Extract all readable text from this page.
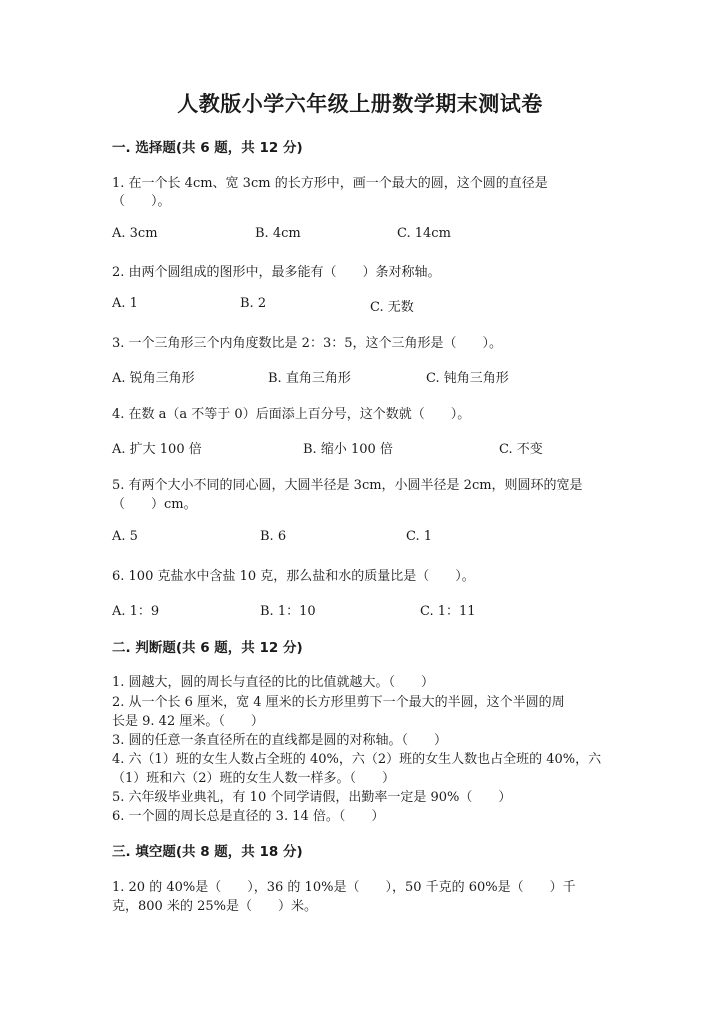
人教版小学六年级上册数学期末测试卷
一. 选择题(共 6 题，共 12 分)
1. 在一个长 4cm、宽 3cm 的长方形中，画一个最大的圆，这个圆的直径是
（　　）。
A. 3cm	B. 4cm	C. 14cm
2. 由两个圆组成的图形中，最多能有（　　）条对称轴。
A. 1	B. 2	C. 无数
3. 一个三角形三个内角度数比是 2：3：5，这个三角形是（　　）。
A. 锐角三角形	B. 直角三角形	C. 钝角三角形
4. 在数 a（a 不等于 0）后面添上百分号，这个数就（　　）。
A. 扩大 100 倍	B. 缩小 100 倍	C. 不变
5. 有两个大小不同的同心圆，大圆半径是 3cm，小圆半径是 2cm，则圆环的宽是
（　　）cm。
A. 5	B. 6	C. 1
6. 100 克盐水中含盐 10 克，那么盐和水的质量比是（　　）。
A. 1：9	B. 1：10	C. 1：11
二. 判断题(共 6 题，共 12 分)
1. 圆越大，圆的周长与直径的比的比值就越大。（　　）
2. 从一个长 6 厘米，宽 4 厘米的长方形里剪下一个最大的半圆，这个半圆的周
长是 9. 42 厘米。（　　）
3. 圆的任意一条直径所在的直线都是圆的对称轴。（　　）
4. 六（1）班的女生人数占全班的 40%，六（2）班的女生人数也占全班的 40%，六
（1）班和六（2）班的女生人数一样多。（　　）
5. 六年级毕业典礼，有 10 个同学请假，出勤率一定是 90%（　　）
6. 一个圆的周长总是直径的 3. 14 倍。（　　）
三. 填空题(共 8 题，共 18 分)
1. 20 的 40%是（　　），36 的 10%是（　　），50 千克的 60%是（　　）千
克，800 米的 25%是（　　）米。
